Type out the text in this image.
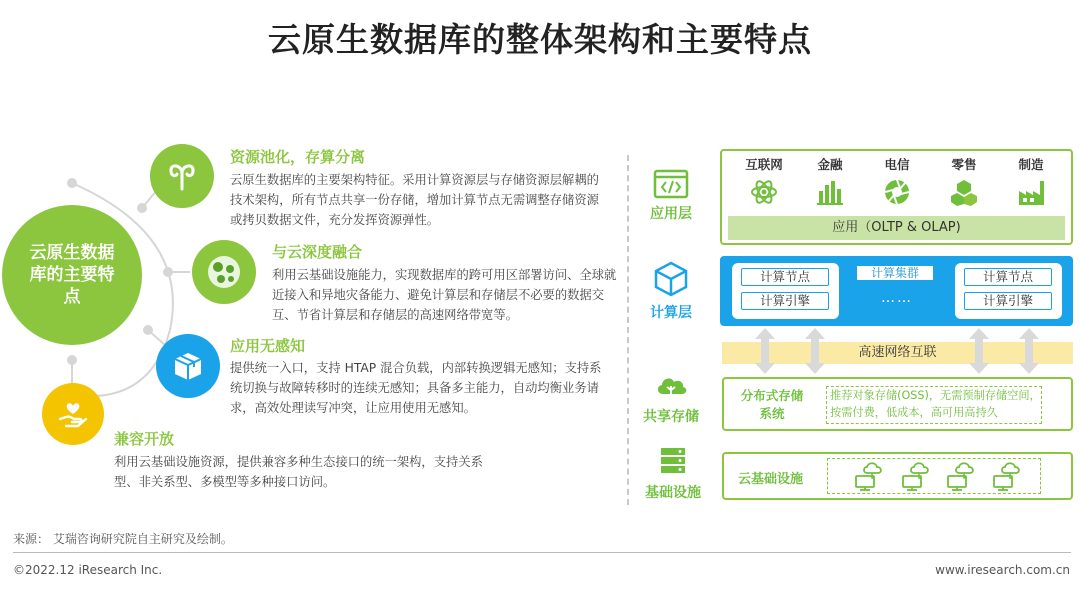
云原生数据库的整体架构和主要特点
云原生数据库的主要特点
资源池化，存算分离
云原生数据库的主要架构特征。采用计算资源层与存储资源层解耦的技术架构，所有节点共享一份存储，增加计算节点无需调整存储资源或拷贝数据文件，充分发挥资源弹性。
与云深度融合
利用云基础设施能力，实现数据库的跨可用区部署访问、全球就近接入和异地灾备能力、避免计算层和存储层不必要的数据交互、节省计算层和存储层的高速网络带宽等。
应用无感知
提供统一入口，支持 HTAP 混合负载，内部转换逻辑无感知；支持系统切换与故障转移时的连续无感知；具备多主能力，自动均衡业务请求，高效处理读写冲突，让应用使用无感知。
兼容开放
利用云基础设施资源，提供兼容多种生态接口的统一架构，支持关系型、非关系型、多模型等多种接口访问。
应用层
计算层
共享存储
基础设施
互联网	金融	电信	零售	制造
应用（OLTP & OLAP)
计算节点
计算引擎
计算集群
……
计算节点
计算引擎
高速网络互联
分布式存储系统
推荐对象存储(OSS)，无需预制存储空间，按需付费，低成本，高可用高持久
云基础设施
来源： 艾瑞咨询研究院自主研究及绘制。
©2022.12 iResearch Inc.	www.iresearch.com.cn
